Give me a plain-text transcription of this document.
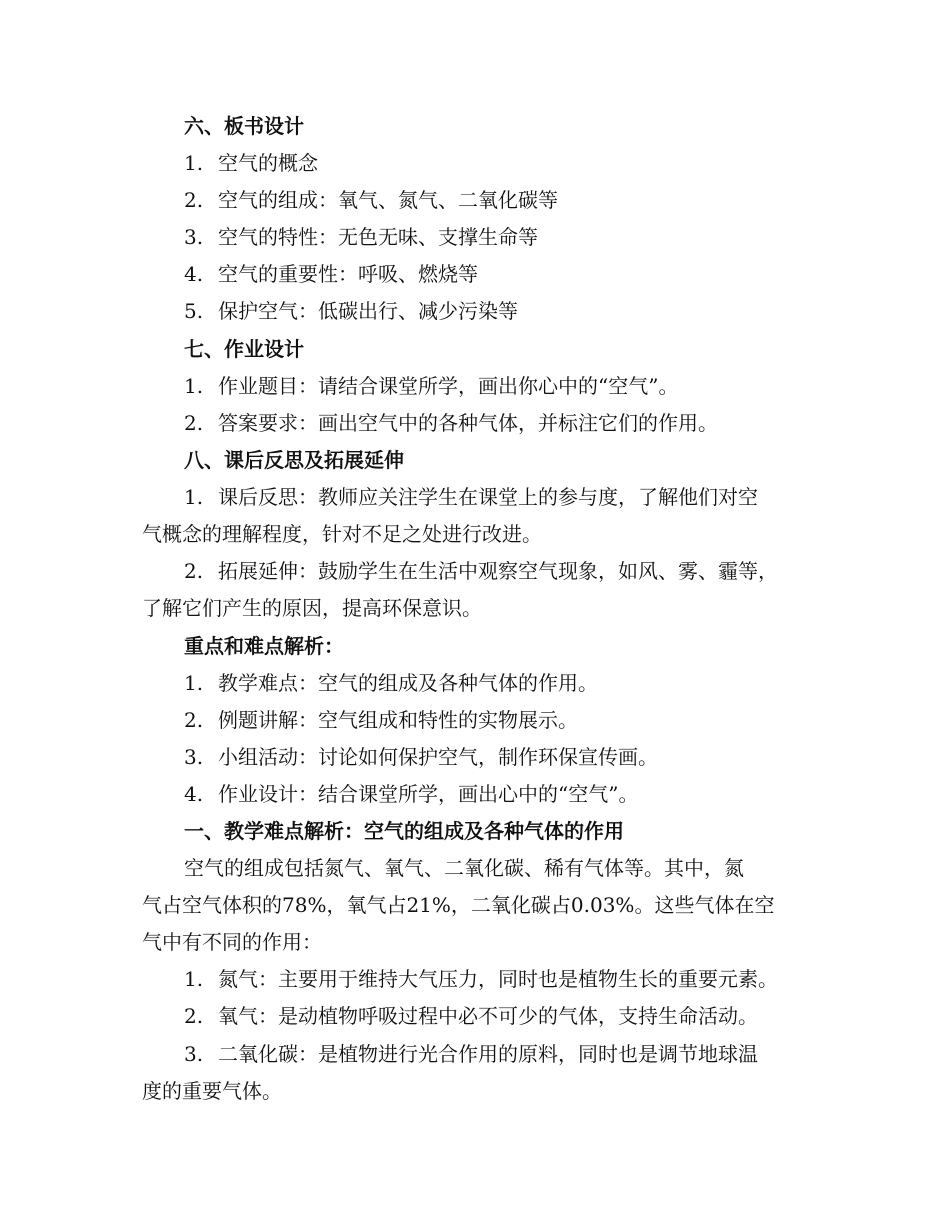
六、板书设计
1. 空气的概念
2. 空气的组成：氧气、氮气、二氧化碳等
3. 空气的特性：无色无味、支撑生命等
4. 空气的重要性：呼吸、燃烧等
5. 保护空气：低碳出行、减少污染等
七、作业设计
1. 作业题目：请结合课堂所学，画出你心中的“空气”。
2. 答案要求：画出空气中的各种气体，并标注它们的作用。
八、课后反思及拓展延伸
1. 课后反思：教师应关注学生在课堂上的参与度，了解他们对空
气概念的理解程度，针对不足之处进行改进。
2. 拓展延伸：鼓励学生在生活中观察空气现象，如风、雾、霾等，
了解它们产生的原因，提高环保意识。
重点和难点解析：
1. 教学难点：空气的组成及各种气体的作用。
2. 例题讲解：空气组成和特性的实物展示。
3. 小组活动：讨论如何保护空气，制作环保宣传画。
4. 作业设计：结合课堂所学，画出心中的“空气”。
一、教学难点解析：空气的组成及各种气体的作用
空气的组成包括氮气、氧气、二氧化碳、稀有气体等。其中，氮
气占空气体积的78%，氧气占21%，二氧化碳占0.03%。这些气体在空
气中有不同的作用：
1. 氮气：主要用于维持大气压力，同时也是植物生长的重要元素。
2. 氧气：是动植物呼吸过程中必不可少的气体，支持生命活动。
3. 二氧化碳：是植物进行光合作用的原料，同时也是调节地球温
度的重要气体。
